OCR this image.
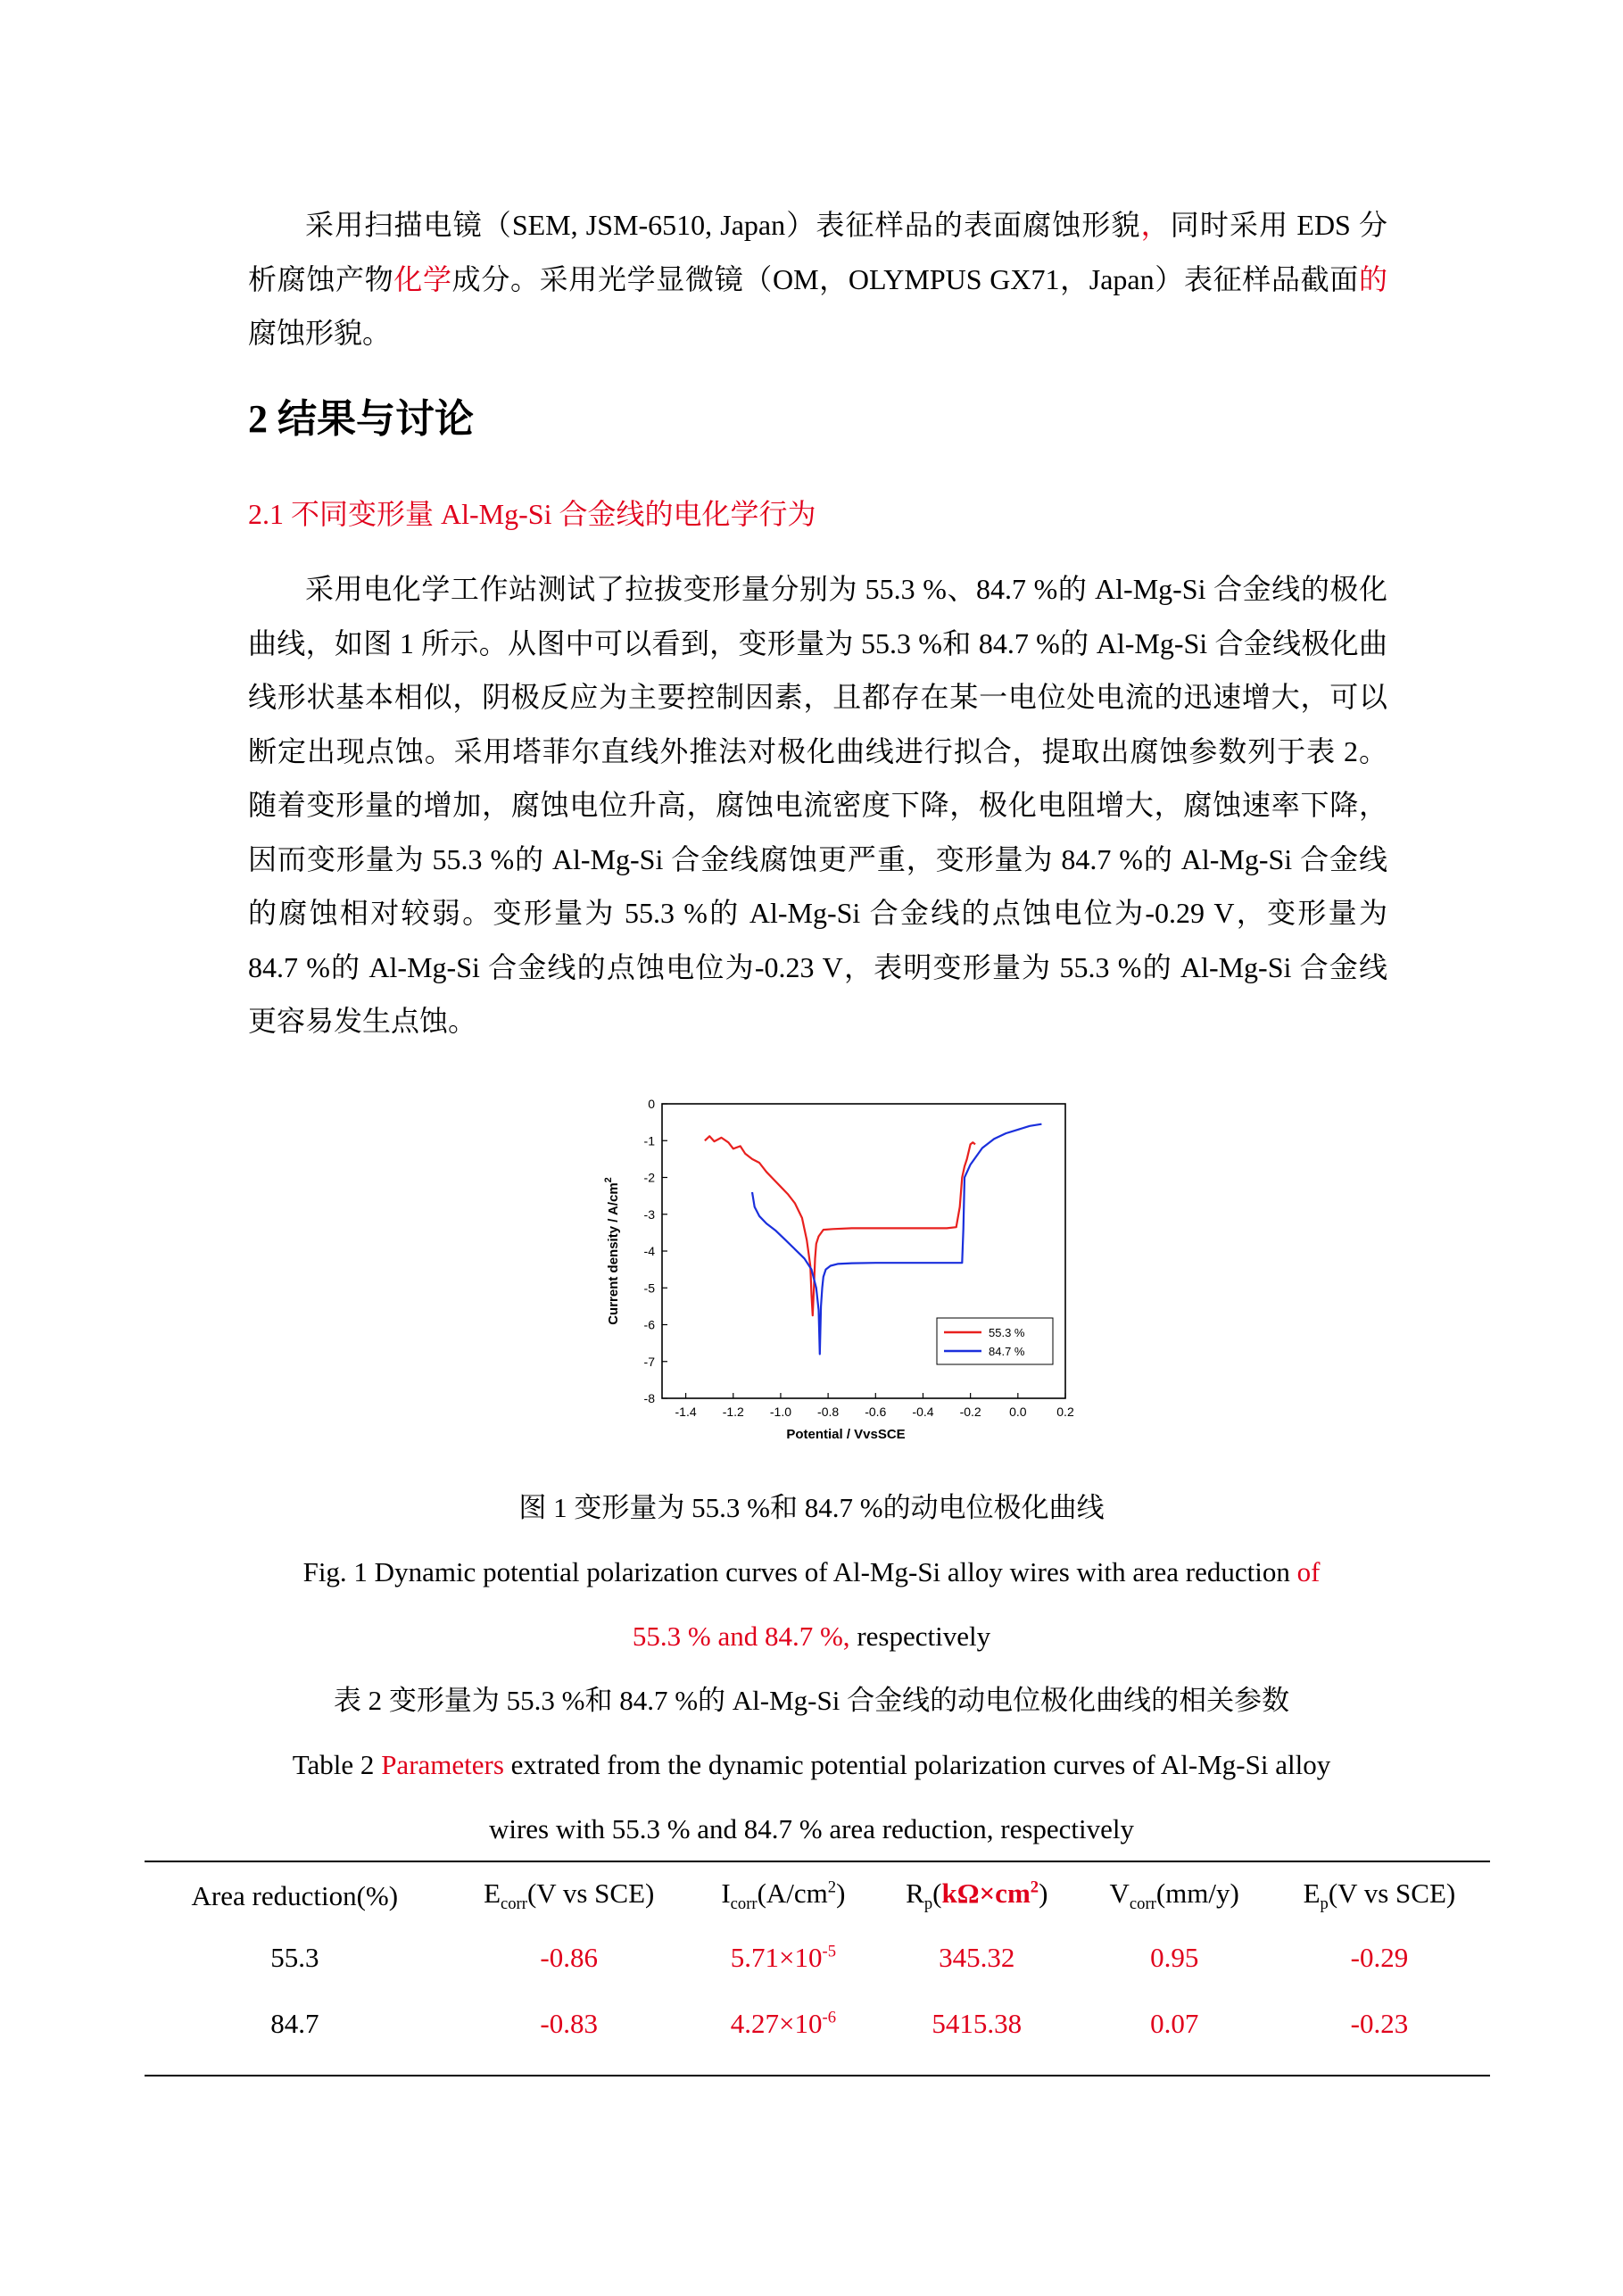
采用扫描电镜（SEM, JSM-6510, Japan）表征样品的表面腐蚀形貌，同时采用 EDS 分
析腐蚀产物化学成分。采用光学显微镜（OM，OLYMPUS GX71，Japan）表征样品截面的
腐蚀形貌。
2 结果与讨论
2.1 不同变形量 Al-Mg-Si 合金线的电化学行为
采用电化学工作站测试了拉拔变形量分别为 55.3 %、84.7 %的 Al-Mg-Si 合金线的极化
曲线，如图 1 所示。从图中可以看到，变形量为 55.3 %和 84.7 %的 Al-Mg-Si 合金线极化曲
线形状基本相似，阴极反应为主要控制因素，且都存在某一电位处电流的迅速增大，可以
断定出现点蚀。采用塔菲尔直线外推法对极化曲线进行拟合，提取出腐蚀参数列于表 2。
随着变形量的增加，腐蚀电位升高，腐蚀电流密度下降，极化电阻增大，腐蚀速率下降，
因而变形量为 55.3 %的 Al-Mg-Si 合金线腐蚀更严重，变形量为 84.7 %的 Al-Mg-Si 合金线
的腐蚀相对较弱。变形量为 55.3 %的 Al-Mg-Si 合金线的点蚀电位为-0.29 V，变形量为
84.7 %的 Al-Mg-Si 合金线的点蚀电位为-0.23 V，表明变形量为 55.3 %的 Al-Mg-Si 合金线
更容易发生点蚀。
-1.4 -1.2 -1.0 -0.8 -0.6 -0.4 -0.2 0.0 0.2
0
-1
-2
-3
-4
-5
-6
-7
-8
Potential / VvsSCE
Current density / $A/cm^2$
55.3 %
84.7 %
图 1 变形量为 55.3 %和 84.7 %的动电位极化曲线
Fig. 1 Dynamic potential polarization curves of Al-Mg-Si alloy wires with area reduction of
55.3 % and 84.7 %, respectively
表 2 变形量为 55.3 %和 84.7 %的 Al-Mg-Si 合金线的动电位极化曲线的相关参数
Table 2 Parameters extrated from the dynamic potential polarization curves of Al-Mg-Si alloy
wires with 55.3 % and 84.7 % area reduction, respectively
Area reduction(%)	$E_{corr}(V$ vs SCE)	$I_{corr}(A/cm^2)$	$R_p(k\Omega\times cm^2)$	$V_{corr}(mm/y)$	$E_p(V$ vs SCE)
55.3	-0.86	$5.71\times 10^{-5}$	345.32	0.95	-0.29
84.7	-0.83	$4.27\times 10^{-6}$	5415.38	0.07	-0.23
